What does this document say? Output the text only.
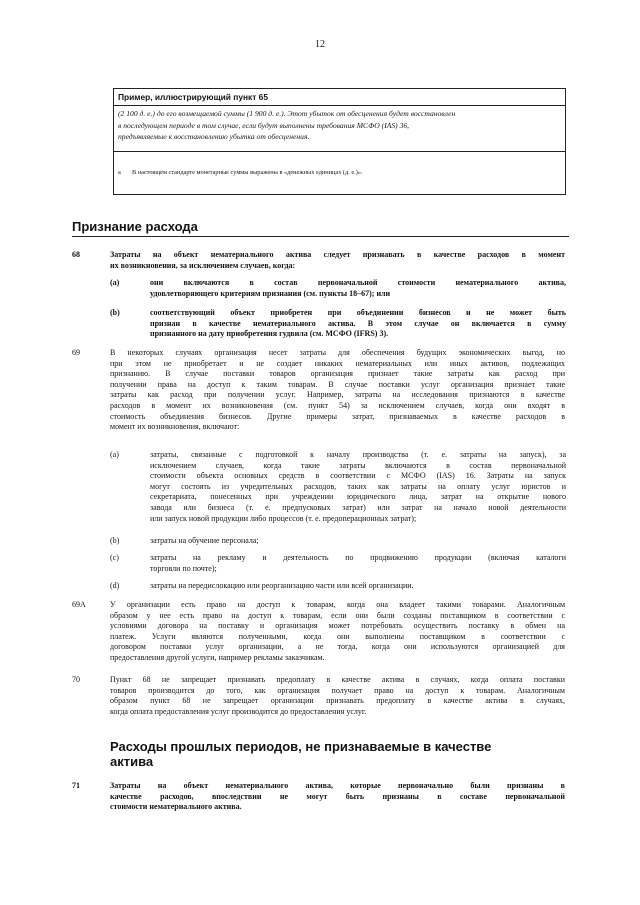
12
Пример, иллюстрирующий пункт 65
(2 100 д. е.) до его возмещаемой суммы (1 900 д. е.). Этот убыток от обесценения будет восстановлен
в последующем периоде в том случае, если будут выполнены требования МСФО (IAS) 36,
предъявляемые к восстановлению убытка от обесценения.
a В настоящем стандарте монетарные суммы выражены в «денежных единицах (д. е.)».
Признание расхода
68	Затраты на объект нематериального актива следует признавать в качестве расходов в момент
их возникновения, за исключением случаев, когда:
(a)	они включаются в состав первоначальной стоимости нематериального актива,
удовлетворяющего критериям признания (см. пункты 18–67); или
(b)	соответствующий объект приобретен при объединении бизнесов и не может быть
признан в качестве нематериального актива. В этом случае он включается в сумму
признанного на дату приобретения гудвила (см. МСФО (IFRS) 3).
69	В некоторых случаях организация несет затраты для обеспечения будущих экономических выгод, но
при этом не приобретает и не создает никаких нематериальных или иных активов, подлежащих
признанию. В случае поставки товаров организация признает такие затраты как расход при
получении права на доступ к таким товарам. В случае поставки услуг организация признает такие
затраты как расход при получении услуг. Например, затраты на исследования признаются в качестве
расходов в момент их возникновения (см. пункт 54) за исключением случаев, когда они входят в
стоимость объединения бизнесов. Другие примеры затрат, признаваемых в качестве расходов в
момент их возникновения, включают:
(a)	затраты, связанные с подготовкой к началу производства (т. е. затраты на запуск), за
исключением случаев, когда такие затраты включаются в состав первоначальной
стоимости объекта основных средств в соответствии с МСФО (IAS) 16. Затраты на запуск
могут состоять из учредительных расходов, таких как затраты на оплату услуг юристов и
секретариата, понесенных при учреждении юридического лица, затрат на открытие нового
завода или бизнеса (т. е. предпусковых затрат) или затрат на начало новой деятельности
или запуск новой продукции либо процессов (т. е. предоперационных затрат);
(b)	затраты на обучение персонала;
(c)	затраты на рекламу и деятельность по продвижению продукции (включая каталоги
торговли по почте);
(d)	затраты на передислокацию или реорганизацию части или всей организации.
69A	У организации есть право на доступ к товарам, когда она владеет такими товарами. Аналогичным
образом у нее есть право на доступ к товарам, если они были созданы поставщиком в соответствии с
условиями договора на поставку и организация может потребовать осуществить поставку в обмен на
платеж. Услуги являются полученными, когда они выполнены поставщиком в соответствии с
договором поставки услуг организации, а не тогда, когда они используются организацией для
предоставления другой услуги, например рекламы заказчикам.
70	Пункт 68 не запрещает признавать предоплату в качестве актива в случаях, когда оплата поставки
товаров производится до того, как организация получает право на доступ к товарам. Аналогичным
образом пункт 68 не запрещает организации признавать предоплату в качестве актива в случаях,
когда оплата предоставления услуг производится до предоставления услуг.
Расходы прошлых периодов, не признаваемые в качестве
актива
71	Затраты на объект нематериального актива, которые первоначально были признаны в
качестве расходов, впоследствии не могут быть признаны в составе первоначальной
стоимости нематериального актива.
